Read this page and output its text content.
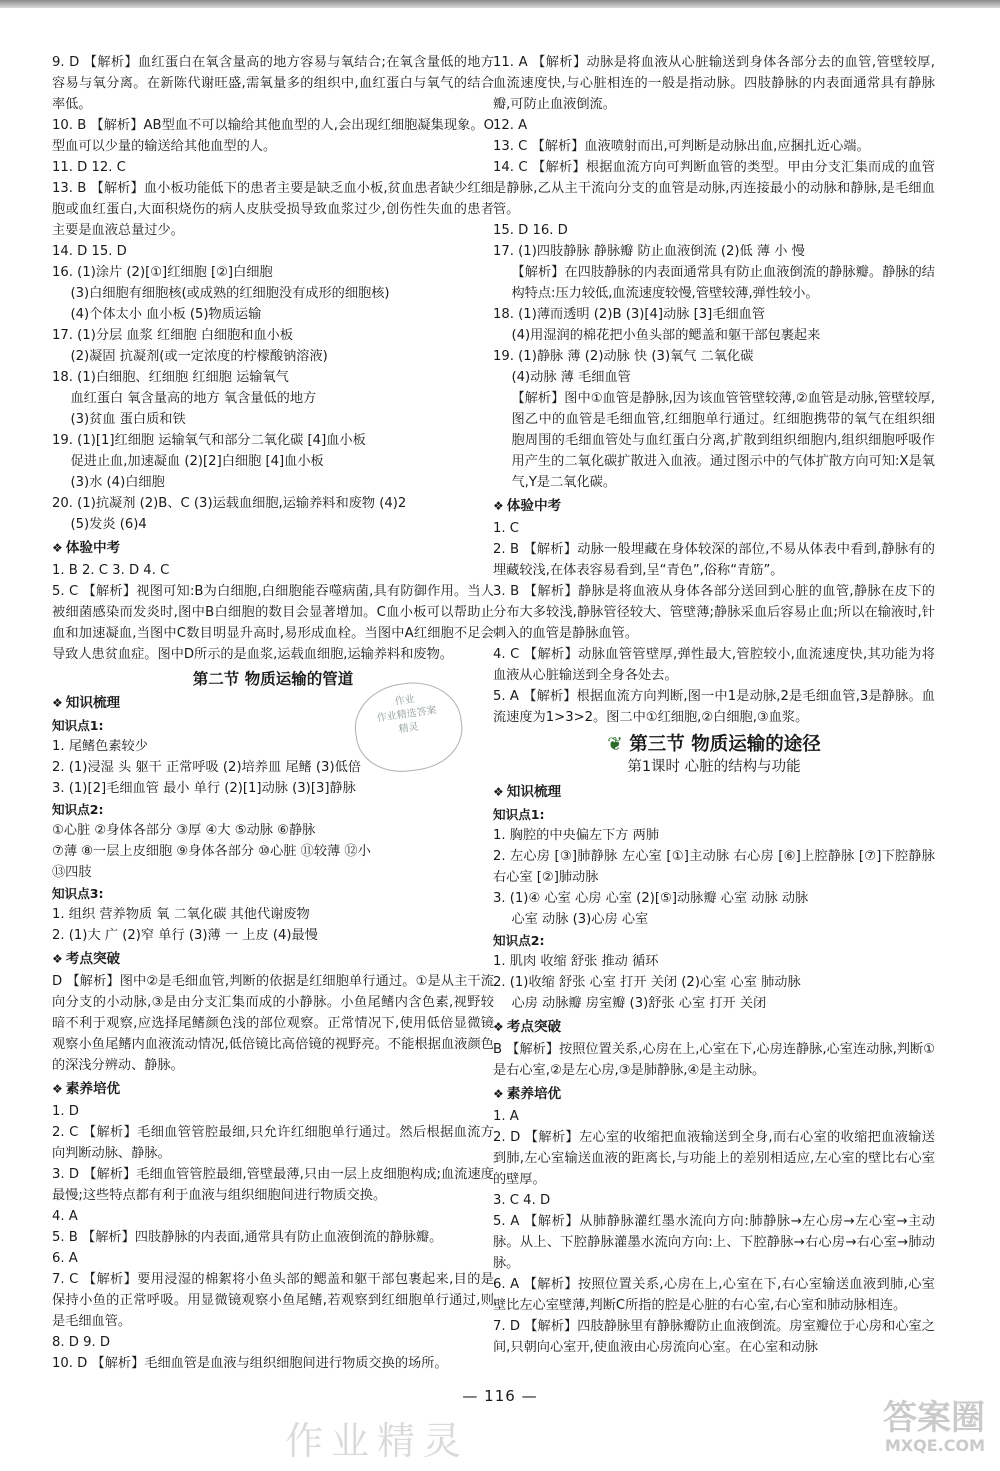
9. D 【解析】血红蛋白在氧含量高的地方容易与氧结合;在氧含量低的地方容易与氧分离。在新陈代谢旺盛,需氧量多的组织中,血红蛋白与氧气的结合率低。

10. B 【解析】AB型血不可以输给其他血型的人,会出现红细胞凝集现象。O型血可以少量的输送给其他血型的人。

11. D 12. C

13. B 【解析】血小板功能低下的患者主要是缺乏血小板,贫血患者缺少红细胞或血红蛋白,大面积烧伤的病人皮肤受损导致血浆过少,创伤性失血的患者主要是血液总量过少。

14. D 15. D

16. (1)涂片 (2)[①]红细胞 [②]白细胞

(3)白细胞有细胞核(或成熟的红细胞没有成形的细胞核)

(4)个体太小 血小板 (5)物质运输

17. (1)分层 血浆 红细胞 白细胞和血小板

(2)凝固 抗凝剂(或一定浓度的柠檬酸钠溶液)

18. (1)白细胞、红细胞 红细胞 运输氧气

血红蛋白 氧含量高的地方 氧含量低的地方

(3)贫血 蛋白质和铁

19. (1)[1]红细胞 运输氧气和部分二氧化碳 [4]血小板

促进止血,加速凝血 (2)[2]白细胞 [4]血小板

(3)水 (4)白细胞

20. (1)抗凝剂 (2)B、C (3)运载血细胞,运输养料和废物 (4)2

(5)发炎 (6)4

❖ 体验中考

1. B 2. C 3. D 4. C

5. C 【解析】视图可知:B为白细胞,白细胞能吞噬病菌,具有防御作用。当人被细菌感染而发炎时,图中B白细胞的数目会显著增加。C血小板可以帮助止血和加速凝血,当图中C数目明显升高时,易形成血栓。当图中A红细胞不足会导致人患贫血症。图中D所示的是血浆,运载血细胞,运输养料和废物。

第二节 物质运输的管道
❖ 知识梳理
知识点1:

1. 尾鳍色素较少

2. (1)浸湿 头 躯干 正常呼吸 (2)培养皿 尾鳍 (3)低倍

3. (1)[2]毛细血管 最小 单行 (2)[1]动脉 (3)[3]静脉

知识点2:

①心脏 ②身体各部分 ③厚 ④大 ⑤动脉 ⑥静脉

⑦薄 ⑧一层上皮细胞 ⑨身体各部分 ⑩心脏 ⑪较薄 ⑫小

⑬四肢

知识点3:

1. 组织 营养物质 氧 二氧化碳 其他代谢废物

2. (1)大 广 (2)窄 单行 (3)薄 一 上皮 (4)最慢

❖ 考点突破

D 【解析】图中②是毛细血管,判断的依据是红细胞单行通过。①是从主干流向分支的小动脉,③是由分支汇集而成的小静脉。小鱼尾鳍内含色素,视野较暗不利于观察,应选择尾鳍颜色浅的部位观察。正常情况下,使用低倍显微镜观察小鱼尾鳍内血液流动情况,低倍镜比高倍镜的视野亮。不能根据血液颜色的深浅分辨动、静脉。

❖ 素养培优

1. D

2. C 【解析】毛细血管管腔最细,只允许红细胞单行通过。然后根据血流方向判断动脉、静脉。

3. D 【解析】毛细血管管腔最细,管壁最薄,只由一层上皮细胞构成;血流速度最慢;这些特点都有利于血液与组织细胞间进行物质交换。

4. A

5. B 【解析】四肢静脉的内表面,通常具有防止血液倒流的静脉瓣。

6. A

7. C 【解析】要用浸湿的棉絮将小鱼头部的鳃盖和躯干部包裹起来,目的是保持小鱼的正常呼吸。用显微镜观察小鱼尾鳍,若观察到红细胞单行通过,则是毛细血管。

8. D 9. D

10. D 【解析】毛细血管是血液与组织细胞间进行物质交换的场所。

11. A 【解析】动脉是将血液从心脏输送到身体各部分去的血管,管壁较厚,血流速度快,与心脏相连的一般是指动脉。四肢静脉的内表面通常具有静脉瓣,可防止血液倒流。

12. A

13. C 【解析】血液喷射而出,可判断是动脉出血,应捆扎近心端。

14. C 【解析】根据血流方向可判断血管的类型。甲由分支汇集而成的血管是静脉,乙从主干流向分支的血管是动脉,丙连接最小的动脉和静脉,是毛细血管。

15. D 16. D

17. (1)四肢静脉 静脉瓣 防止血液倒流 (2)低 薄 小 慢

【解析】在四肢静脉的内表面通常具有防止血液倒流的静脉瓣。静脉的结构特点:压力较低,血流速度较慢,管壁较薄,弹性较小。

18. (1)薄而透明 (2)B (3)[4]动脉 [3]毛细血管

(4)用湿润的棉花把小鱼头部的鳃盖和躯干部包裹起来

19. (1)静脉 薄 (2)动脉 快 (3)氧气 二氧化碳

(4)动脉 薄 毛细血管

【解析】图中①血管是静脉,因为该血管管壁较薄,②血管是动脉,管壁较厚,图乙中的血管是毛细血管,红细胞单行通过。红细胞携带的氧气在组织细胞周围的毛细血管处与血红蛋白分离,扩散到组织细胞内,组织细胞呼吸作用产生的二氧化碳扩散进入血液。通过图示中的气体扩散方向可知:X是氧气,Y是二氧化碳。

❖ 体验中考

1. C

2. B 【解析】动脉一般埋藏在身体较深的部位,不易从体表中看到,静脉有的埋藏较浅,在体表容易看到,呈“青色”,俗称“青筋”。

3. B 【解析】静脉是将血液从身体各部分送回到心脏的血管,静脉在皮下的分布大多较浅,静脉管径较大、管壁薄;静脉采血后容易止血;所以在输液时,针刺入的血管是静脉血管。

4. C 【解析】动脉血管管壁厚,弹性最大,管腔较小,血流速度快,其功能为将血液从心脏输送到全身各处去。

5. A 【解析】根据血流方向判断,图一中1是动脉,2是毛细血管,3是静脉。血流速度为1>3>2。图二中①红细胞,②白细胞,③血浆。

❦ 第三节 物质运输的途径
第1课时 心脏的结构与功能
❖ 知识梳理
知识点1:

1. 胸腔的中央偏左下方 两肺

2. 左心房 [③]肺静脉 左心室 [①]主动脉 右心房 [⑥]上腔静脉 [⑦]下腔静脉 右心室 [②]肺动脉

3. (1)④ 心室 心房 心室 (2)[⑤]动脉瓣 心室 动脉 动脉

心室 动脉 (3)心房 心室

知识点2:

1. 肌肉 收缩 舒张 推动 循环

2. (1)收缩 舒张 心室 打开 关闭 (2)心室 心室 肺动脉

心房 动脉瓣 房室瓣 (3)舒张 心室 打开 关闭

❖ 考点突破

B 【解析】按照位置关系,心房在上,心室在下,心房连静脉,心室连动脉,判断①是右心室,②是左心房,③是肺静脉,④是主动脉。

❖ 素养培优

1. A

2. D 【解析】左心室的收缩把血液输送到全身,而右心室的收缩把血液输送到肺,左心室输送血液的距离长,与功能上的差别相适应,左心室的壁比右心室的壁厚。

3. C 4. D

5. A 【解析】从肺静脉灌红墨水流向方向:肺静脉→左心房→左心室→主动脉。从上、下腔静脉灌墨水流向方向:上、下腔静脉→右心房→右心室→肺动脉。

6. A 【解析】按照位置关系,心房在上,心室在下,右心室输送血液到肺,心室壁比左心室壁薄,判断C所指的腔是心脏的右心室,右心室和肺动脉相连。

7. D 【解析】四肢静脉里有静脉瓣防止血液倒流。房室瓣位于心房和心室之间,只朝向心室开,使血液由心房流向心室。在心室和动脉

作业
作业精选答案
精灵
作业精灵
— 116 —
答案圈
MXQE.COM
